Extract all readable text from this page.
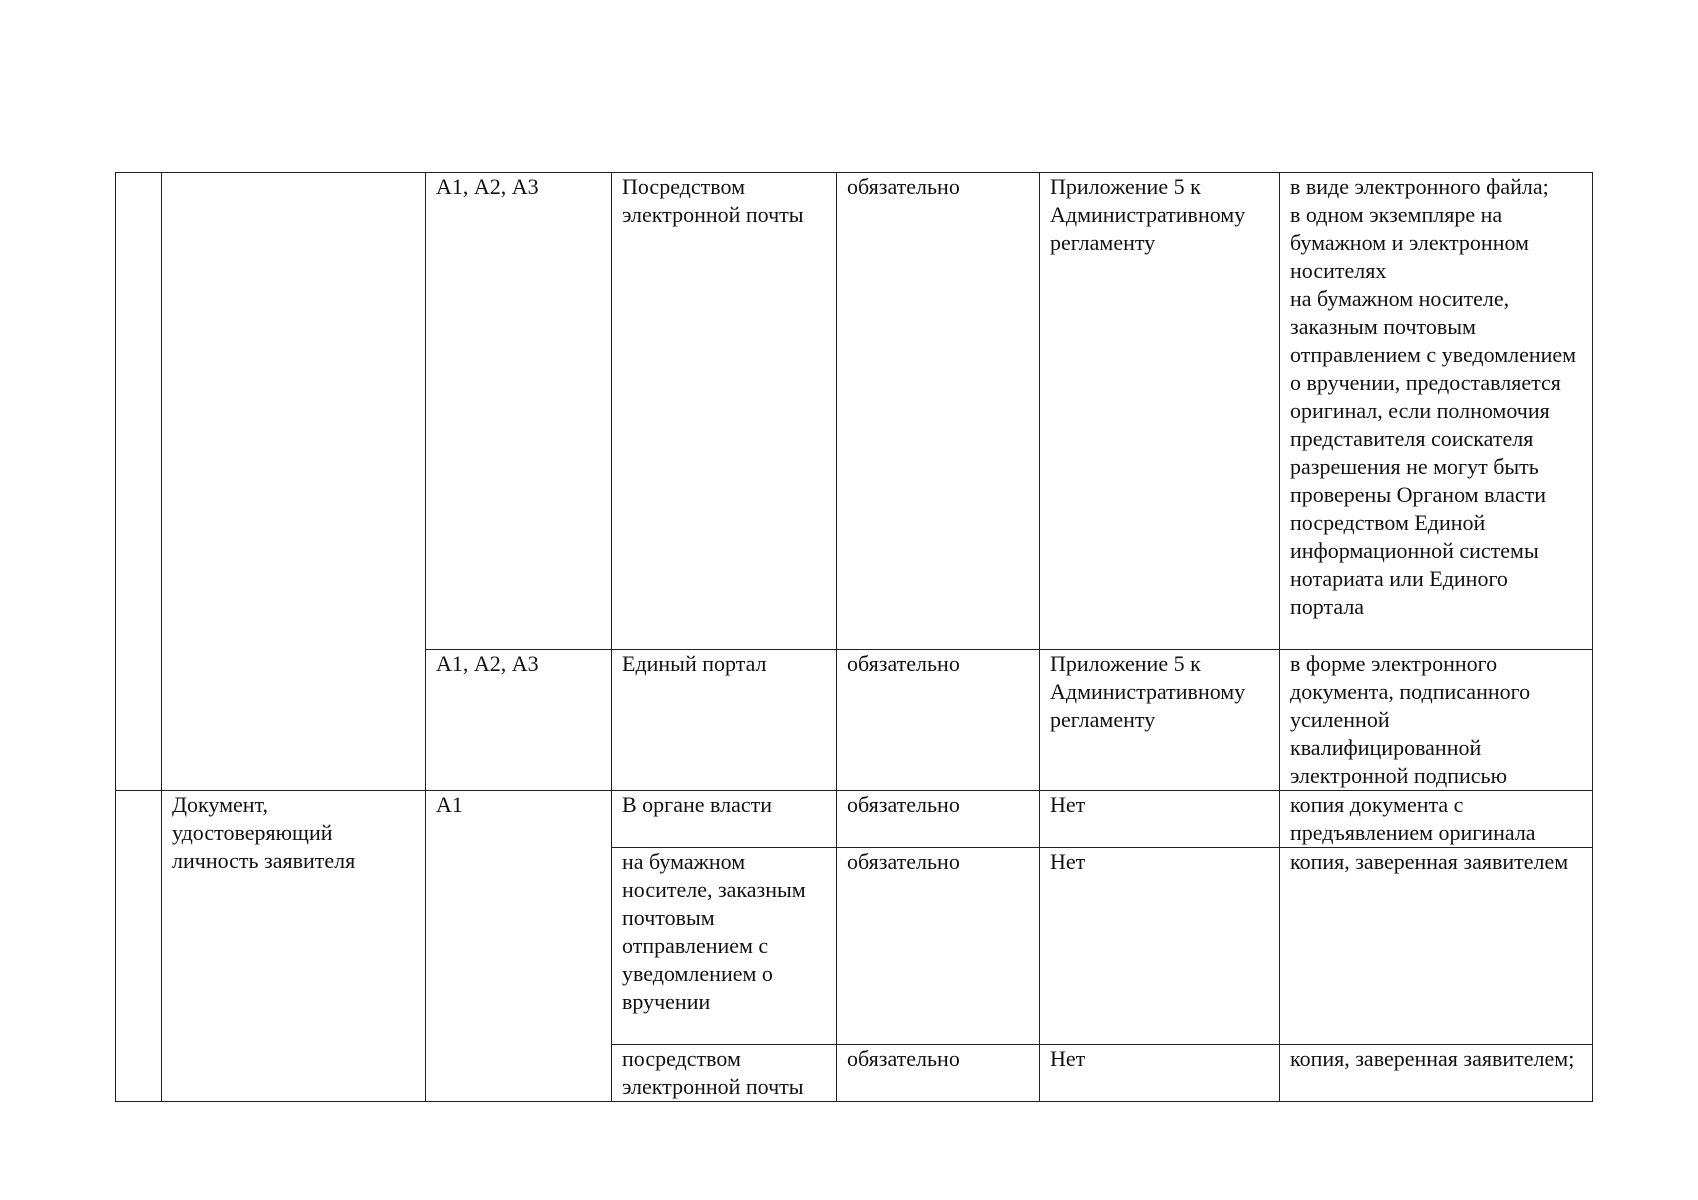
		А1, А2, А3	Посредством электронной почты	обязательно	Приложение 5 к Административному регламенту	в виде электронного файла;
в одном экземпляре на бумажном и электронном носителях
на бумажном носителе, заказным почтовым отправлением с уведомлением о вручении, предоставляется оригинал, если полномочия представителя соискателя разрешения не могут быть проверены Органом власти посредством Единой информационной системы нотариата или Единого портала
		А1, А2, А3	Единый портал	обязательно	Приложение 5 к Административному регламенту	в форме электронного документа, подписанного усиленной квалифицированной электронной подписью
	Документ, удостоверяющий личность заявителя	А1	В органе власти	обязательно	Нет	копия документа с предъявлением оригинала
			на бумажном носителе, заказным почтовым отправлением с уведомлением о вручении	обязательно	Нет	копия, заверенная заявителем
			посредством электронной почты	обязательно	Нет	копия, заверенная заявителем;
